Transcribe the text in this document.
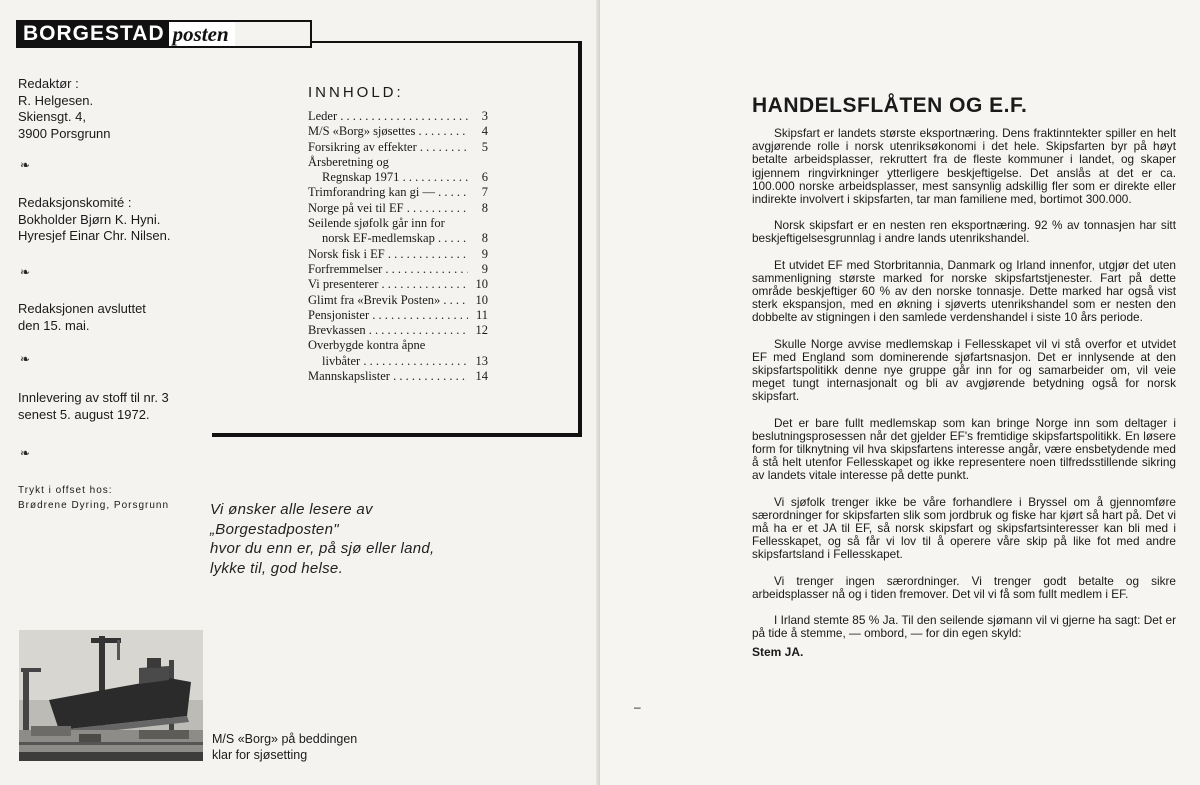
BORGESTAD posten
Redaktør :
R. Helgesen.
Skiensgt. 4,
3900 Porsgrunn
❧
Redaksjonskomité :
Bokholder Bjørn K. Hyni.
Hyresjef Einar Chr. Nilsen.
❧
Redaksjonen avsluttet
den 15. mai.
❧
Innlevering av stoff til nr. 3
senest 5. august 1972.
❧
Trykt i offset hos:
Brødrene Dyring, Porsgrunn
INNHOLD:
Leder . . .	3
M/S «Borg» sjøsettes . . .	4
Forsikring av effekter . . .	5
Årsberetning og
Regnskap 1971 . . .	6
Trimforandring kan gi — . . .	7
Norge på vei til EF . . .	8
Seilende sjøfolk går inn for
norsk EF-medlemskap . . .	8
Norsk fisk i EF . . .	9
Forfremmelser . . .	9
Vi presenterer . . .	10
Glimt fra «Brevik Posten» . . .	10
Pensjonister . . .	11
Brevkassen . . .	12
Overbygde kontra åpne
livbåter . . .	13
Mannskapslister . . .	14
Vi ønsker alle lesere av
„Borgestadposten"
hvor du enn er, på sjø eller land,
lykke til, god helse.
M/S «Borg» på beddingen
klar for sjøsetting
–
HANDELSFLÅTEN OG E.F.

Skipsfart er landets største eksportnæring. Dens fraktinntekter spiller en helt avgjørende rolle i norsk utenriksøkonomi i det hele. Skipsfarten byr på høyt betalte arbeidsplasser, rekruttert fra de fleste kommuner i landet, og skaper igjennem ringvirkninger ytterligere beskjeftigelse. Det anslås at det er ca. 100.000 norske arbeidsplasser, mest sansynlig adskillig fler som er direkte eller indirekte involvert i skipsfarten, tar man familiene med, bortimot 300.000.

Norsk skipsfart er en nesten ren eksportnæring. 92 % av tonnasjen har sitt beskjeftigelsesgrunnlag i andre lands utenrikshandel.

Et utvidet EF med Storbritannia, Danmark og Irland innenfor, utgjør det uten sammenligning største marked for norske skipsfartstjenester. Fart på dette område beskjeftiger 60 % av den norske tonnasje. Dette marked har også vist sterk ekspansjon, med en økning i sjøverts utenrikshandel som er nesten den dobbelte av stigningen i den samlede verdenshandel i siste 10 års periode.

Skulle Norge avvise medlemskap i Fellesskapet vil vi stå overfor et utvidet EF med England som dominerende sjøfartsnasjon. Det er innlysende at den skipsfartspolitikk denne nye gruppe går inn for og samarbeider om, vil veie meget tungt internasjonalt og bli av avgjørende betydning også for norsk skipsfart.

Det er bare fullt medlemskap som kan bringe Norge inn som deltager i beslutningsprosessen når det gjelder EF's fremtidige skipsfartspolitikk. En løsere form for tilknytning vil hva skipsfartens interesse angår, være ensbetydende med å stå helt utenfor Fellesskapet og ikke representere noen tilfredsstillende sikring av landets vitale interesse på dette punkt.

Vi sjøfolk trenger ikke be våre forhandlere i Bryssel om å gjennomføre særordninger for skipsfarten slik som jordbruk og fiske har kjørt så hart på. Det vi må ha er et JA til EF, så norsk skipsfart og skipsfartsinteresser kan bli med i Fellesskapet, og så får vi lov til å operere våre skip på like fot med andre skipsfartsland i Fellesskapet.

Vi trenger ingen særordninger. Vi trenger godt betalte og sikre arbeidsplasser nå og i tiden fremover. Det vil vi få som fullt medlem i EF.

I Irland stemte 85 % Ja. Til den seilende sjømann vil vi gjerne ha sagt: Det er på tide å stemme, — ombord, — for din egen skyld:

Stem JA.
